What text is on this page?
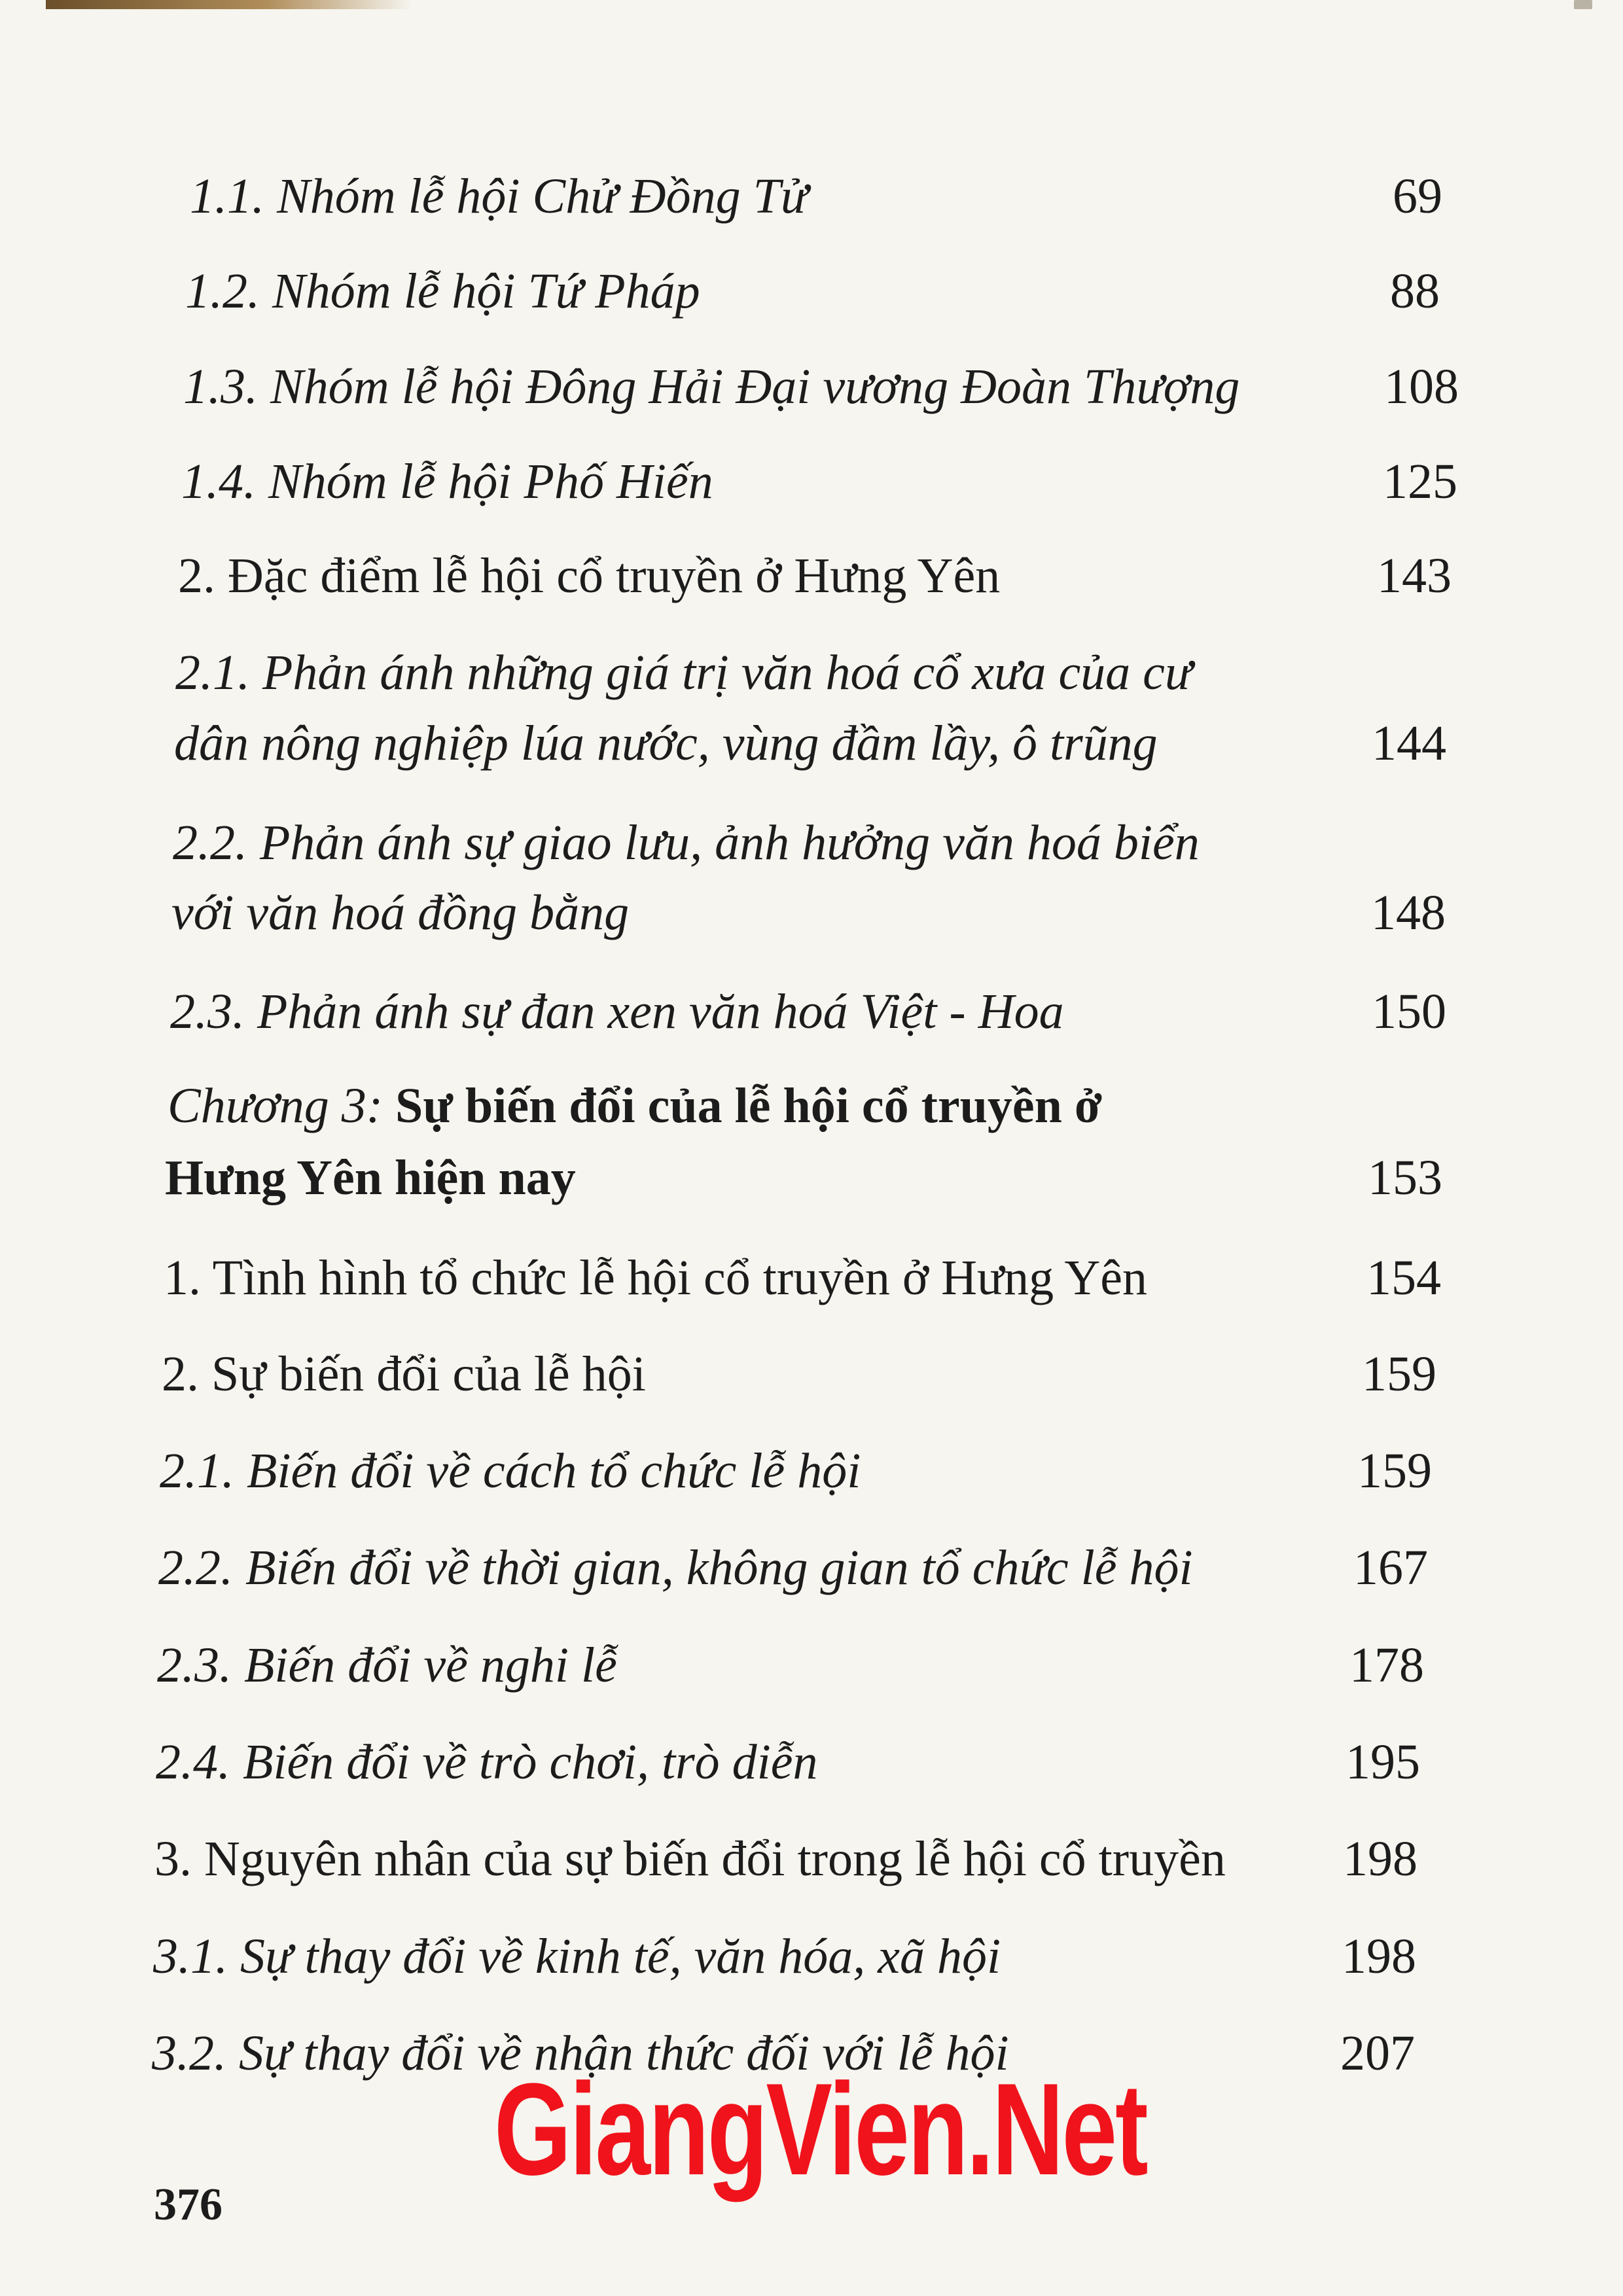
1.1. Nhóm lễ hội Chử Đồng Tử	69
1.2. Nhóm lễ hội Tứ Pháp	88
1.3. Nhóm lễ hội Đông Hải Đại vương Đoàn Thượng	108
1.4. Nhóm lễ hội Phố Hiến	125
2. Đặc điểm lễ hội cổ truyền ở Hưng Yên	143
2.1. Phản ánh những giá trị văn hoá cổ xưa của cư
dân nông nghiệp lúa nước, vùng đầm lầy, ô trũng	144
2.2. Phản ánh sự giao lưu, ảnh hưởng văn hoá biển
với văn hoá đồng bằng	148
2.3. Phản ánh sự đan xen văn hoá Việt - Hoa	150
Chương 3: Sự biến đổi của lễ hội cổ truyền ở
Hưng Yên hiện nay	153
1. Tình hình tổ chức lễ hội cổ truyền ở Hưng Yên	154
2. Sự biến đổi của lễ hội	159
2.1. Biến đổi về cách tổ chức lễ hội	159
2.2. Biến đổi về thời gian, không gian tổ chức lễ hội	167
2.3. Biến đổi về nghi lễ	178
2.4. Biến đổi về trò chơi, trò diễn	195
3. Nguyên nhân của sự biến đổi trong lễ hội cổ truyền 198
3.1. Sự thay đổi về kinh tế, văn hóa, xã hội	198
3.2. Sự thay đổi về nhận thức đối với lễ hội	207
GiangVien.Net
376
